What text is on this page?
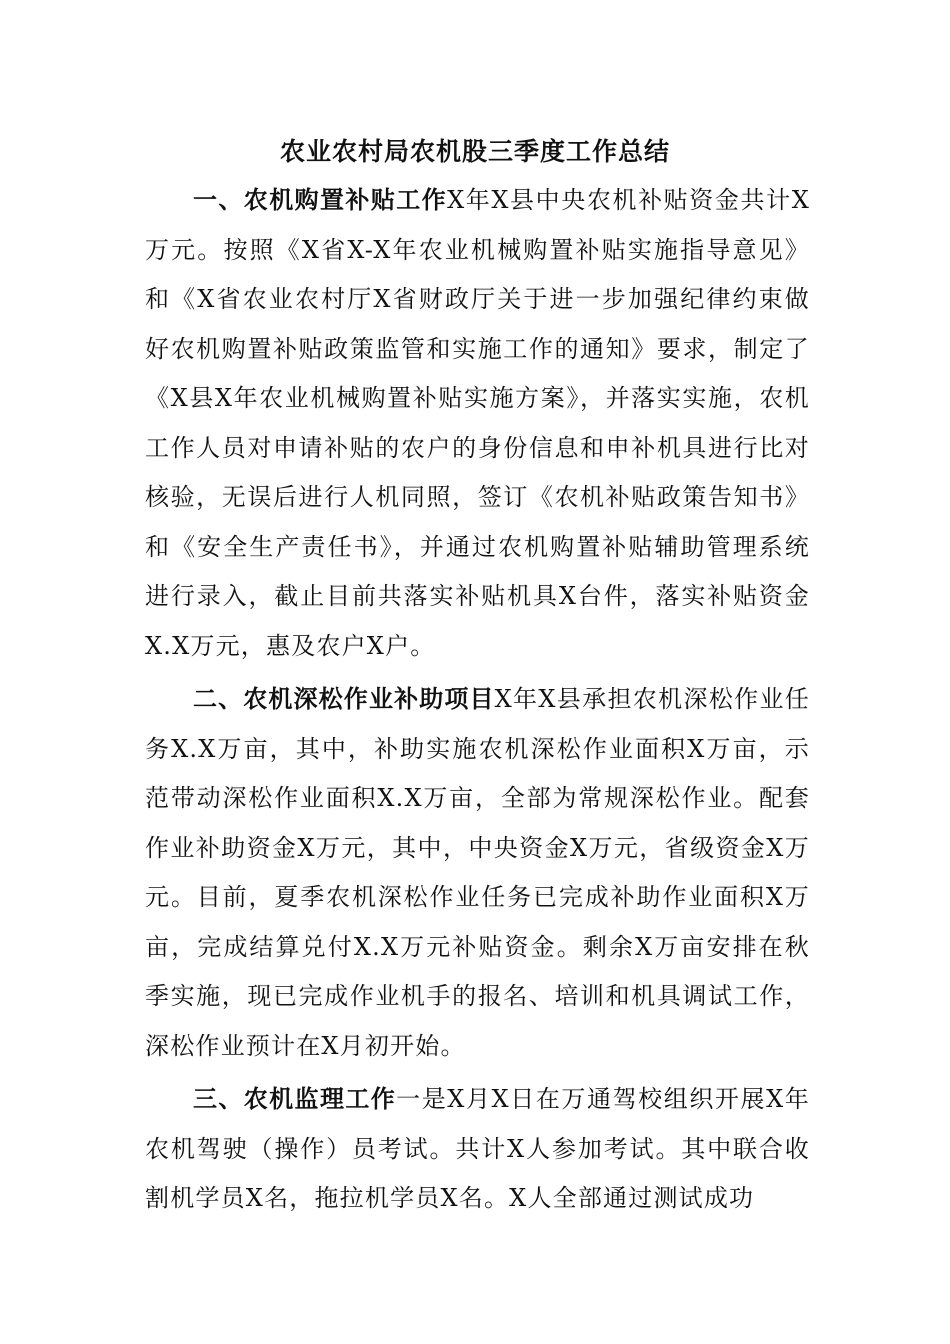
农业农村局农机股三季度工作总结

一、农机购置补贴工作X年X县中央农机补贴资金共计X万元。按照《X省X-X年农业机械购置补贴实施指导意见》和《X省农业农村厅X省财政厅关于进一步加强纪律约束做好农机购置补贴政策监管和实施工作的通知》要求，制定了《X县X年农业机械购置补贴实施方案》，并落实实施，农机工作人员对申请补贴的农户的身份信息和申补机具进行比对核验，无误后进行人机同照，签订《农机补贴政策告知书》和《安全生产责任书》，并通过农机购置补贴辅助管理系统进行录入，截止目前共落实补贴机具X台件，落实补贴资金X.X万元，惠及农户X户。

二、农机深松作业补助项目X年X县承担农机深松作业任务X.X万亩，其中，补助实施农机深松作业面积X万亩，示范带动深松作业面积X.X万亩，全部为常规深松作业。配套作业补助资金X万元，其中，中央资金X万元，省级资金X万元。目前，夏季农机深松作业任务已完成补助作业面积X万亩，完成结算兑付X.X万元补贴资金。剩余X万亩安排在秋季实施，现已完成作业机手的报名、培训和机具调试工作，深松作业预计在X月初开始。

三、农机监理工作一是X月X日在万通驾校组织开展X年农机驾驶（操作）员考试。共计X人参加考试。其中联合收割机学员X名，拖拉机学员X名。X人全部通过测试成功
